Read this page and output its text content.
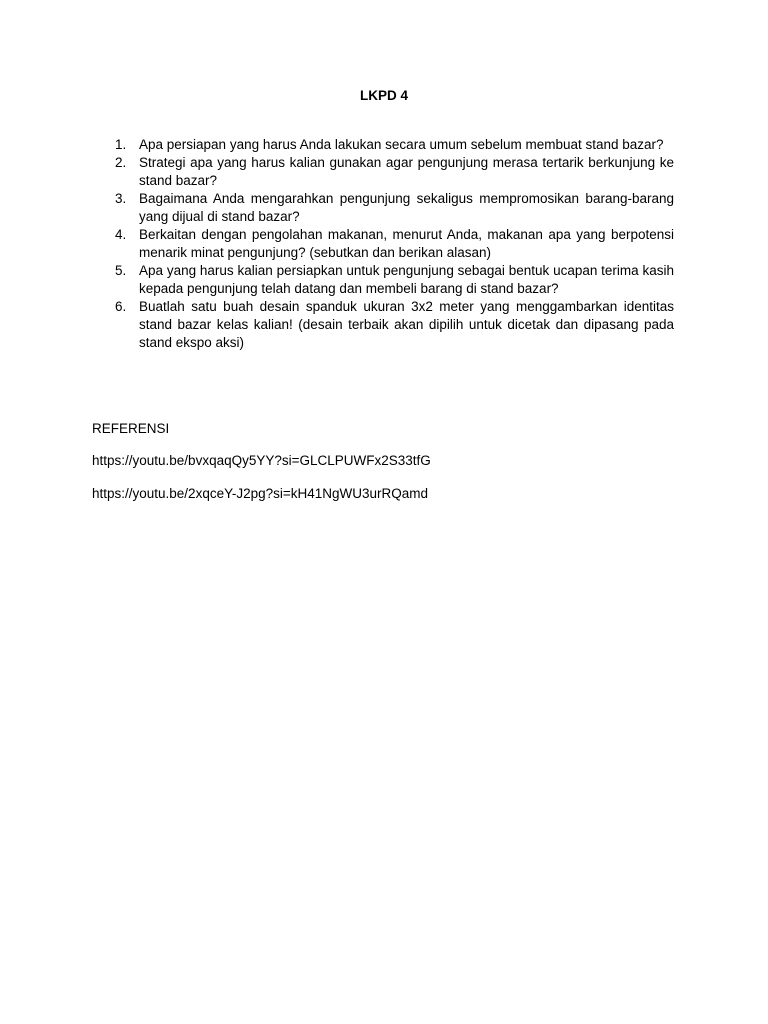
LKPD 4
1. Apa persiapan yang harus Anda lakukan secara umum sebelum membuat stand bazar?
2. Strategi apa yang harus kalian gunakan agar pengunjung merasa tertarik berkunjung ke stand bazar?
3. Bagaimana Anda mengarahkan pengunjung sekaligus mempromosikan barang-barang yang dijual di stand bazar?
4. Berkaitan dengan pengolahan makanan, menurut Anda, makanan apa yang berpotensi menarik minat pengunjung? (sebutkan dan berikan alasan)
5. Apa yang harus kalian persiapkan untuk pengunjung sebagai bentuk ucapan terima kasih kepada pengunjung telah datang dan membeli barang di stand bazar?
6. Buatlah satu buah desain spanduk ukuran 3x2 meter yang menggambarkan identitas stand bazar kelas kalian! (desain terbaik akan dipilih untuk dicetak dan dipasang pada stand ekspo aksi)
REFERENSI
https://youtu.be/bvxqaqQy5YY?si=GLCLPUWFx2S33tfG
https://youtu.be/2xqceY-J2pg?si=kH41NgWU3urRQamd
